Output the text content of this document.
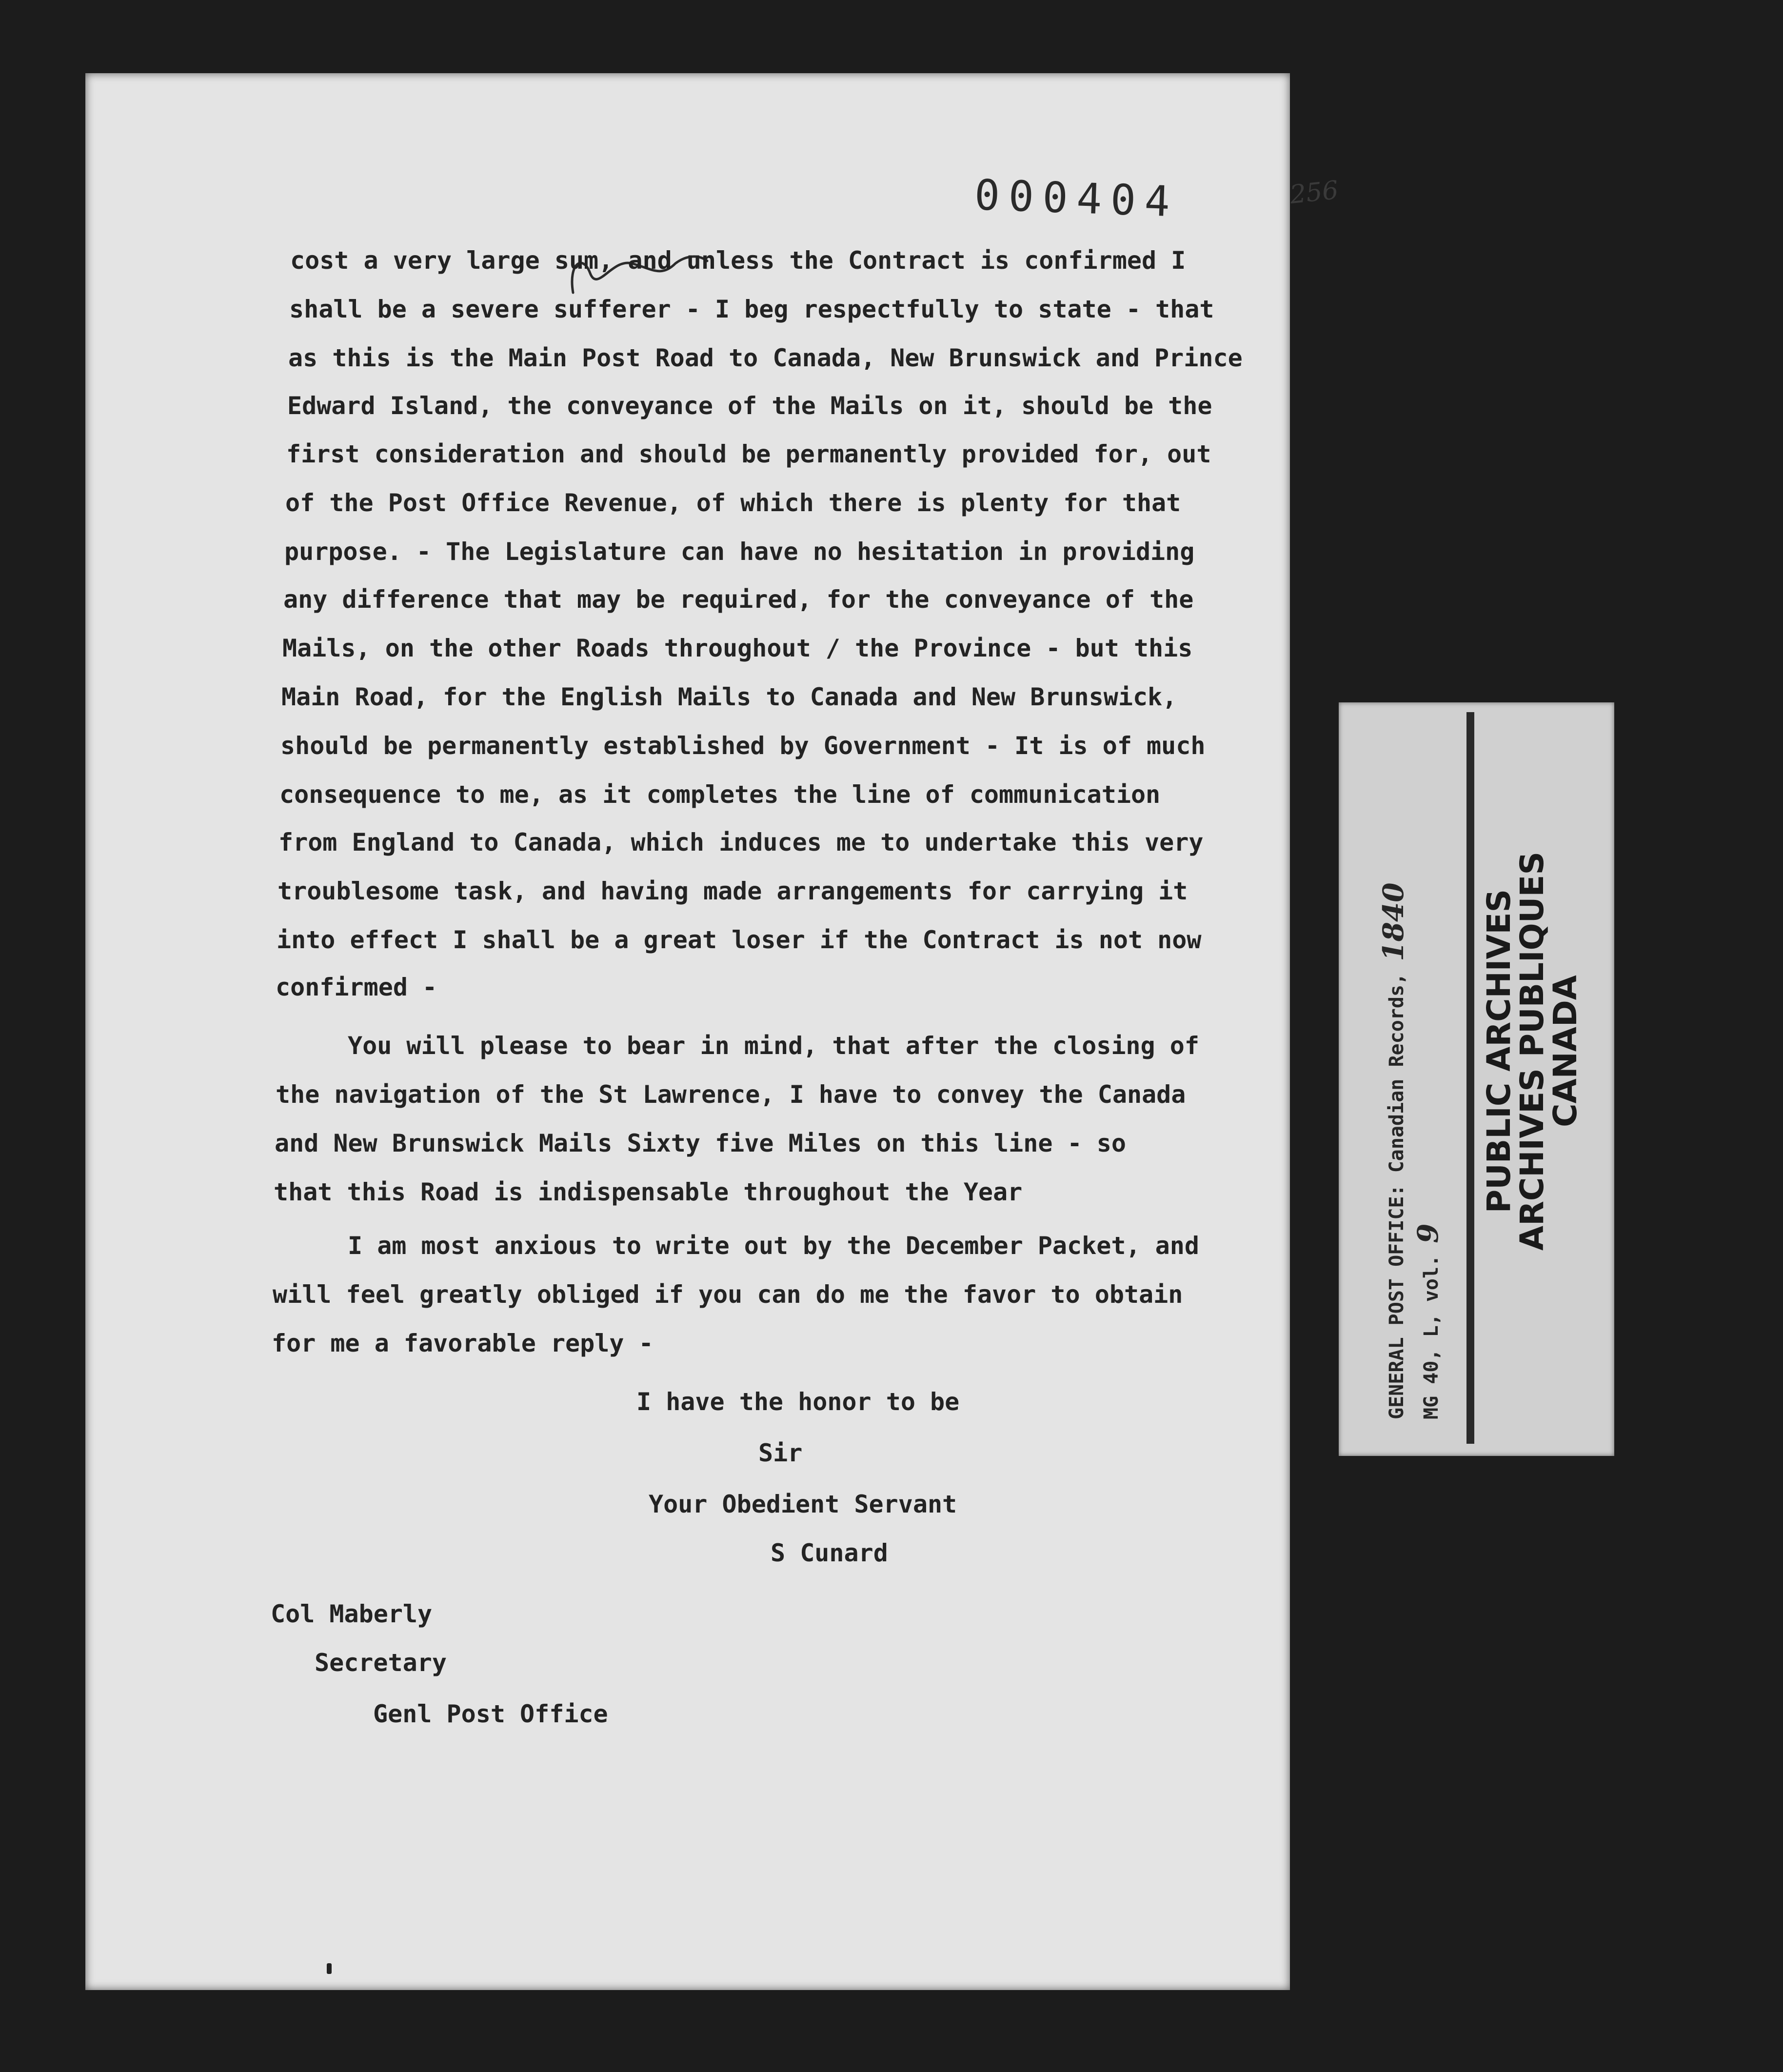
000404	256
cost a very large sum, and unless the Contract is confirmed I
shall be a severe sufferer - I beg respectfully to state - that
as this is the Main Post Road to Canada, New Brunswick and Prince
Edward Island, the conveyance of the Mails on it, should be the
first consideration and should be permanently provided for, out
of the Post Office Revenue, of which there is plenty for that
purpose. - The Legislature can have no hesitation in providing
any difference that may be required, for the conveyance of the
Mails, on the other Roads throughout / the Province - but this
Main Road, for the English Mails to Canada and New Brunswick,
should be permanently established by Government - It is of much
consequence to me, as it completes the line of communication
from England to Canada, which induces me to undertake this very
troublesome task, and having made arrangements for carrying it
into effect I shall be a great loser if the Contract is not now
confirmed -
You will please to bear in mind, that after the closing of
the navigation of the St Lawrence, I have to convey the Canada
and New Brunswick Mails Sixty five Miles on this line - so
that this Road is indispensable throughout the Year
I am most anxious to write out by the December Packet, and
will feel greatly obliged if you can do me the favor to obtain
for me a favorable reply -
I have the honor to be
Sir
Your Obedient Servant
S Cunard
Col Maberly
Secretary
Genl Post Office
GENERAL POST OFFICE: Canadian Records, 1840
MG 40, L, vol. 9
PUBLIC ARCHIVES
ARCHIVES PUBLIQUES
CANADA
